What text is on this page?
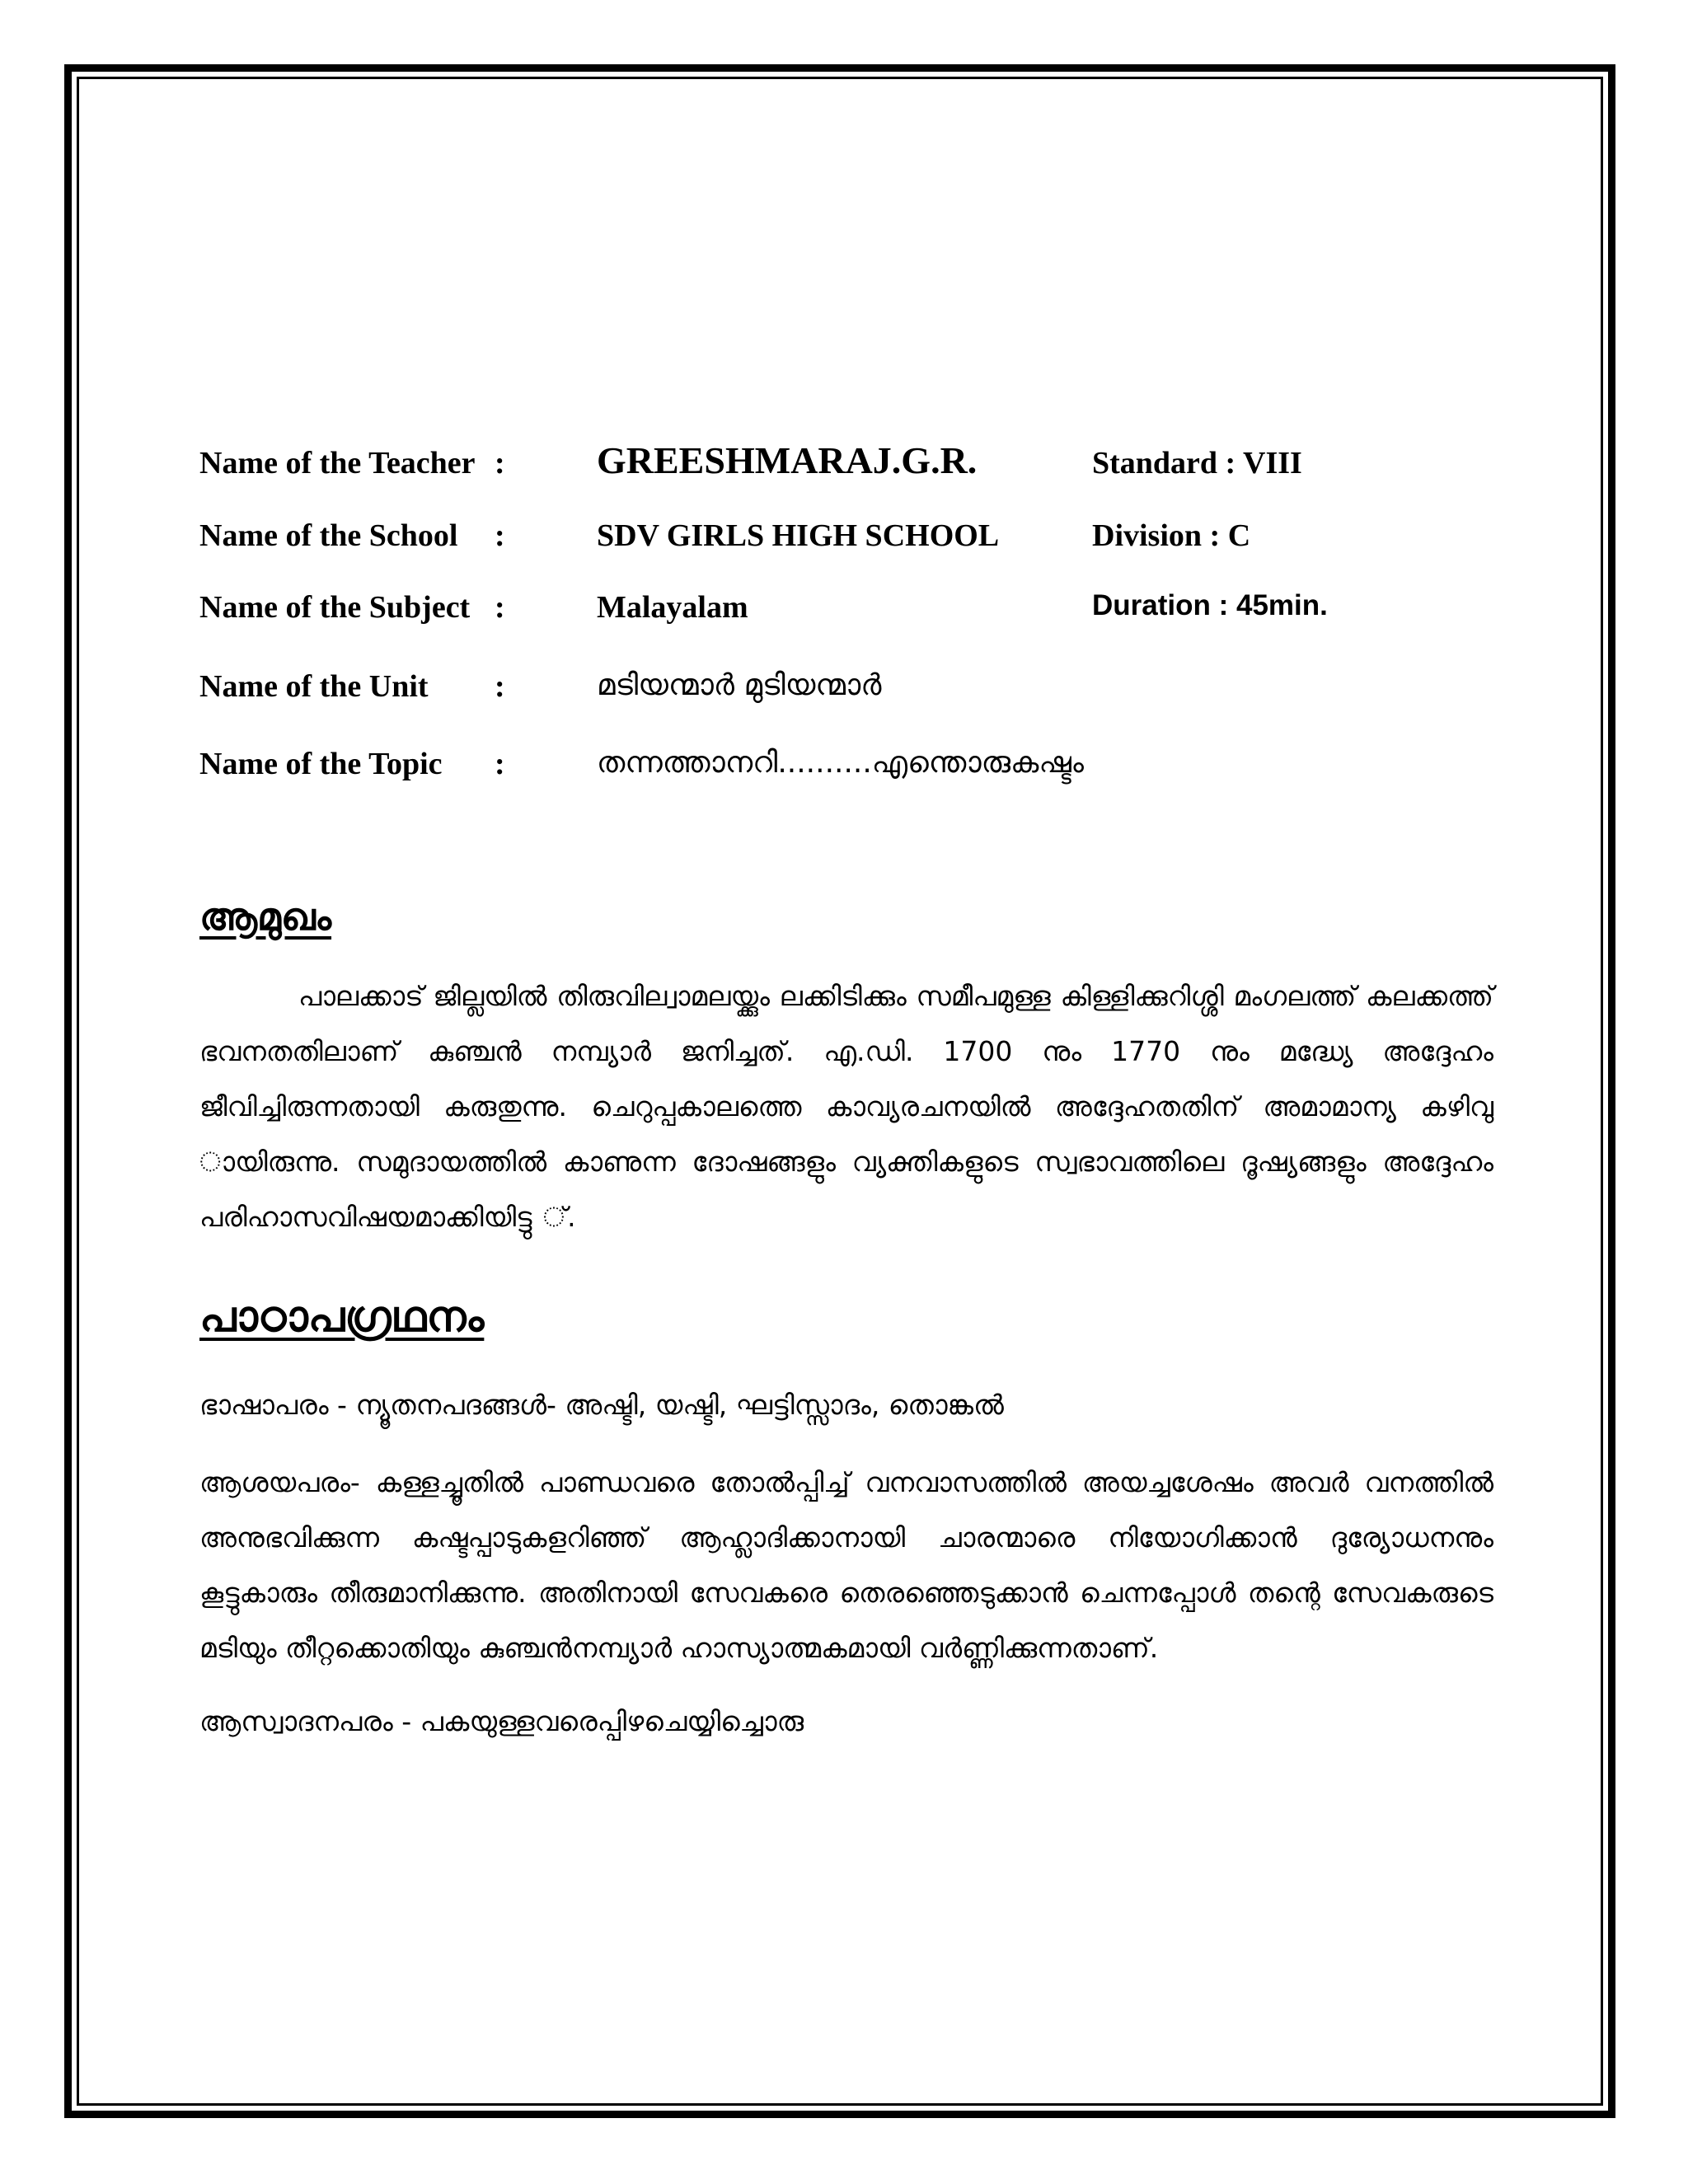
Name of the Teacher : GREESHMARAJ.G.R.	Standard : VIII
Name of the School :	SDV GIRLS HIGH SCHOOL	Division : C
Name of the Subject :	Malayalam	Duration : 45min.
Name of the Unit :	മടിയന്മാർ മുടിയന്മാർ
Name of the Topic :	തന്നത്താനറി..........എന്തൊരുകഷ്ടം
ആമുഖം

പാലക്കാട് ജില്ലയിൽ തിരുവില്വാമലയ്ക്കും ലക്കിടിക്കും സമീപമുള്ള കിള്ളിക്കുറിശ്ശി മംഗലത്ത് കലക്കത്ത് ഭവനതതിലാണ് കുഞ്ചൻ നമ്പ്യാർ ജനിച്ചത്. എ.ഡി. 1700 നും 1770 നും മദ്ധ്യേ അദ്ദേഹം ജീവിച്ചിരുന്നതായി കരുതുന്നു. ചെറുപ്പകാലത്തെ കാവ്യരചനയിൽ അദ്ദേഹതതിന് അമാമാന്യ കഴിവു ായിരുന്നു. സമുദായത്തിൽ കാണുന്ന ദോഷങ്ങളും വ്യക്തികളുടെ സ്വഭാവത്തിലെ ദൂഷ്യങ്ങളും അദ്ദേഹം പരിഹാസവിഷയമാക്കിയിട്ടു ്.

പാഠാപഗ്രഥനം
ഭാഷാപരം - ന്യൂതനപദങ്ങൾ- അഷ്ടി, യഷ്ടി, ഘട്ടിസ്സാദം, തൊങ്കൽ

ആശയപരം- കള്ളച്ചൂതിൽ പാണ്ഡവരെ തോൽപ്പിച്ച് വനവാസത്തിൽ അയച്ചശേഷം അവർ വനത്തിൽ അനുഭവിക്കുന്ന കഷ്ടപ്പാടുകളറിഞ്ഞ് ആഹ്ലാദിക്കാനായി ചാരന്മാരെ നിയോഗിക്കാൻ ദുര്യോധനനും കൂട്ടുകാരും തീരുമാനിക്കുന്നു. അതിനായി സേവകരെ തെരഞ്ഞെടുക്കാൻ ചെന്നപ്പോൾ തന്റെ സേവകരുടെ മടിയും തീറ്റക്കൊതിയും കുഞ്ചൻനമ്പ്യാർ ഹാസ്യാത്മകമായി വർണ്ണിക്കുന്നതാണ്.

ആസ്വാദനപരം - പകയുള്ളവരെപ്പിഴചെയ്യിച്ചൊരു
